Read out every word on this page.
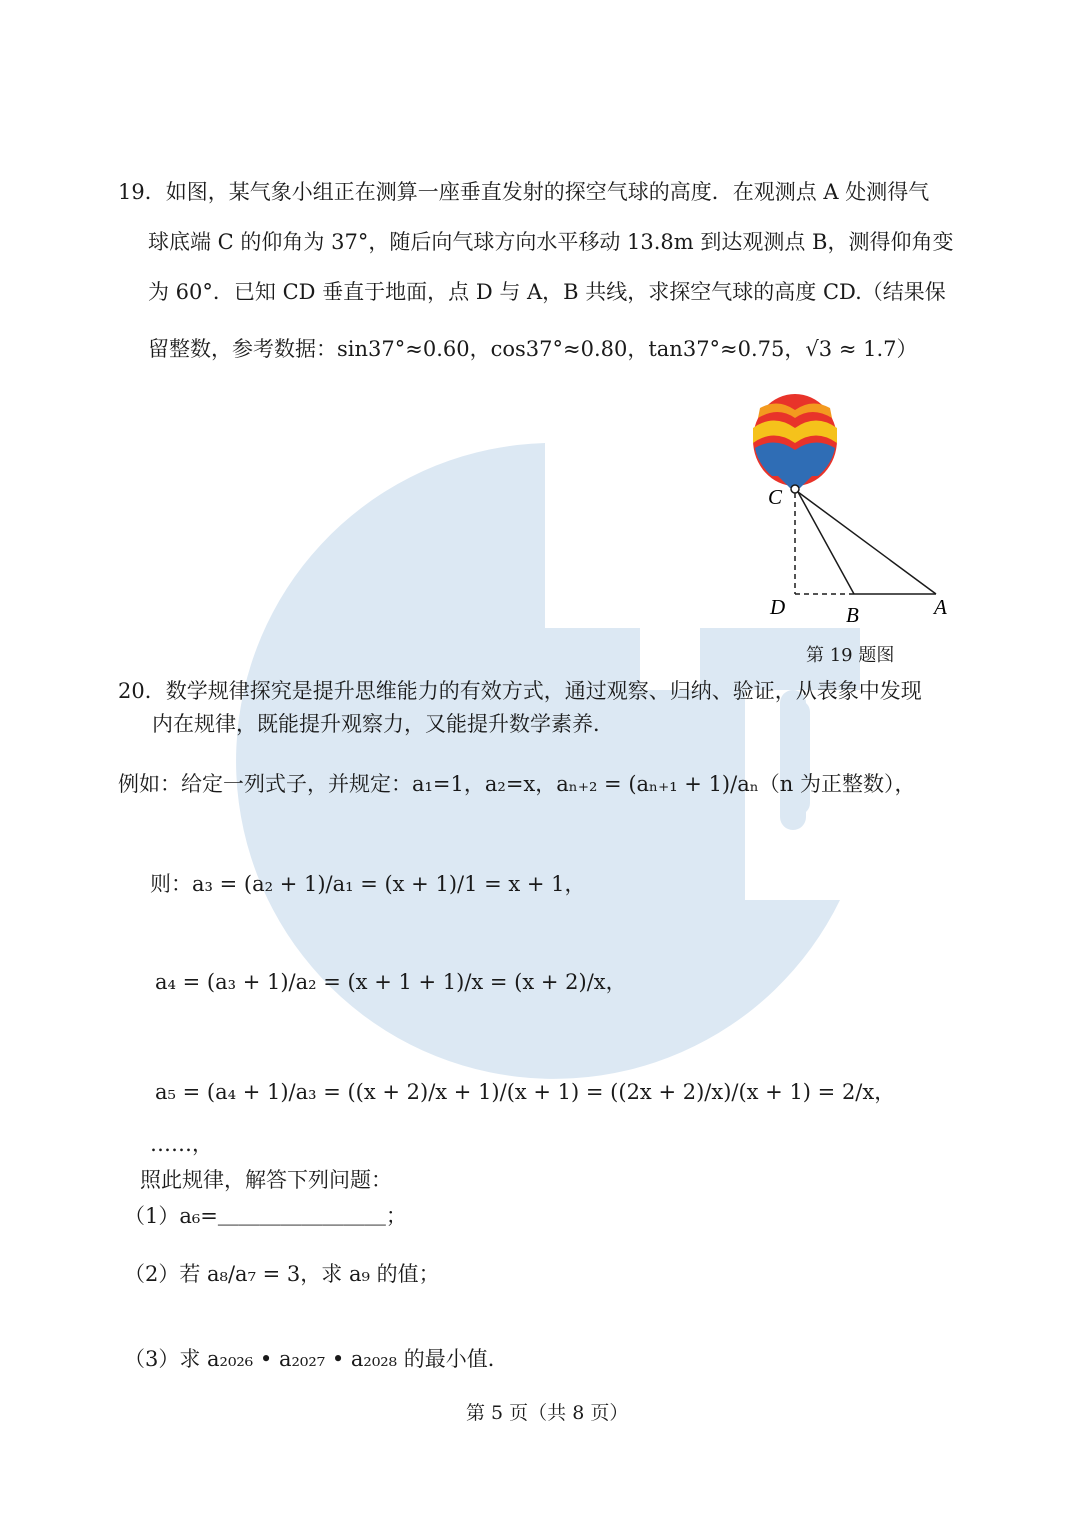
19．如图，某气象小组正在测算一座垂直发射的探空气球的高度．在观测点 A 处测得气
球底端 C 的仰角为 37°，随后向气球方向水平移动 13.8m 到达观测点 B，测得仰角变
为 60°．已知 CD 垂直于地面，点 D 与 A，B 共线，求探空气球的高度 CD.（结果保
留整数，参考数据：sin37°≈0.60，cos37°≈0.80，tan37°≈0.75，√3 ≈ 1.7）
C
D	B	A
第 19 题图
20．数学规律探究是提升思维能力的有效方式，通过观察、归纳、验证，从表象中发现
内在规律，既能提升观察力，又能提升数学素养．
例如：给定一列式子，并规定：a₁=1，a₂=x，aₙ₊₂ = (aₙ₊₁ + 1)/aₙ（n 为正整数），
则：a₃ = (a₂ + 1)/a₁ = (x + 1)/1 = x + 1，
a₄ = (a₃ + 1)/a₂ = (x + 1 + 1)/x = (x + 2)/x，
a₅ = (a₄ + 1)/a₃ = ((x + 2)/x + 1)/(x + 1) = ((2x + 2)/x)/(x + 1) = 2/x，
……，
照此规律，解答下列问题：
（1）a₆=＿＿＿＿＿＿＿＿；
（2）若 a₈/a₇ = 3，求 a₉ 的值；
（3）求 a₂₀₂₆ • a₂₀₂₇ • a₂₀₂₈ 的最小值．
第 5 页（共 8 页）
